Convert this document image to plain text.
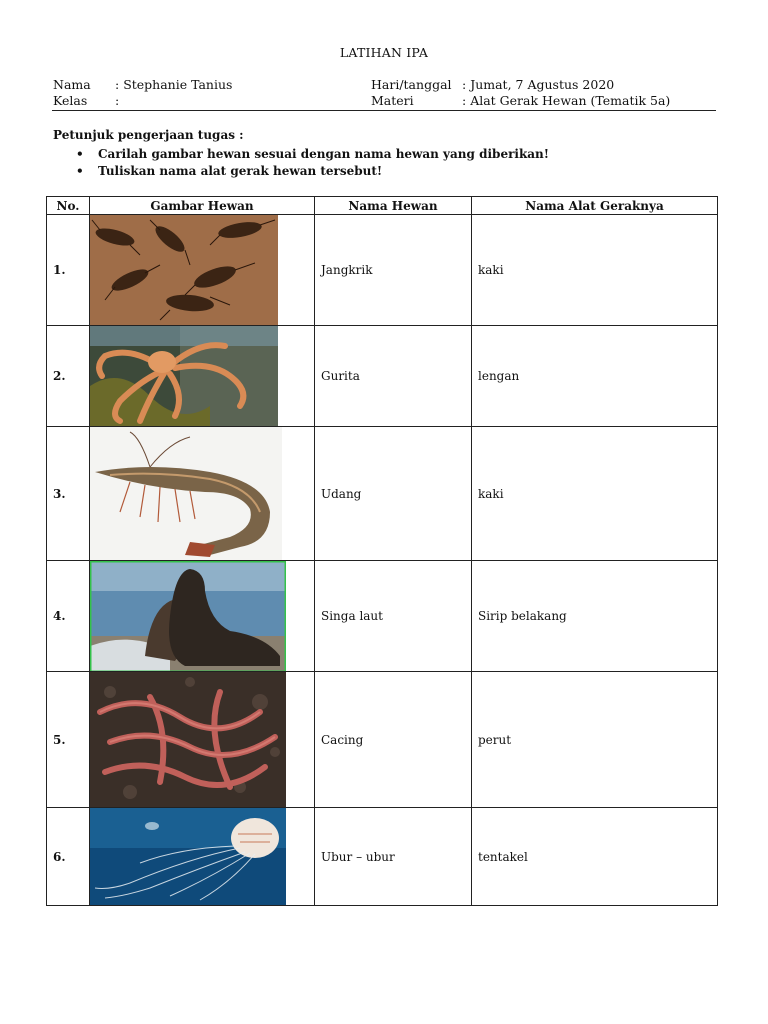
LATIHAN IPA
Nama : Stephanie Tanius
Kelas :
Hari/tanggal : Jumat, 7 Agustus 2020
Materi	: Alat Gerak Hewan (Tematik 5a)
Petunjuk pengerjaan tugas :
• Carilah gambar hewan sesuai dengan nama hewan yang diberikan!
• Tuliskan nama alat gerak hewan tersebut!
No.	Gambar Hewan	Nama Hewan	Nama Alat Geraknya
1.		Jangkrik	kaki
2.		Gurita	lengan
3.		Udang	kaki
4.		Singa laut	Sirip belakang
5.		Cacing	perut
6.		Ubur – ubur	tentakel
